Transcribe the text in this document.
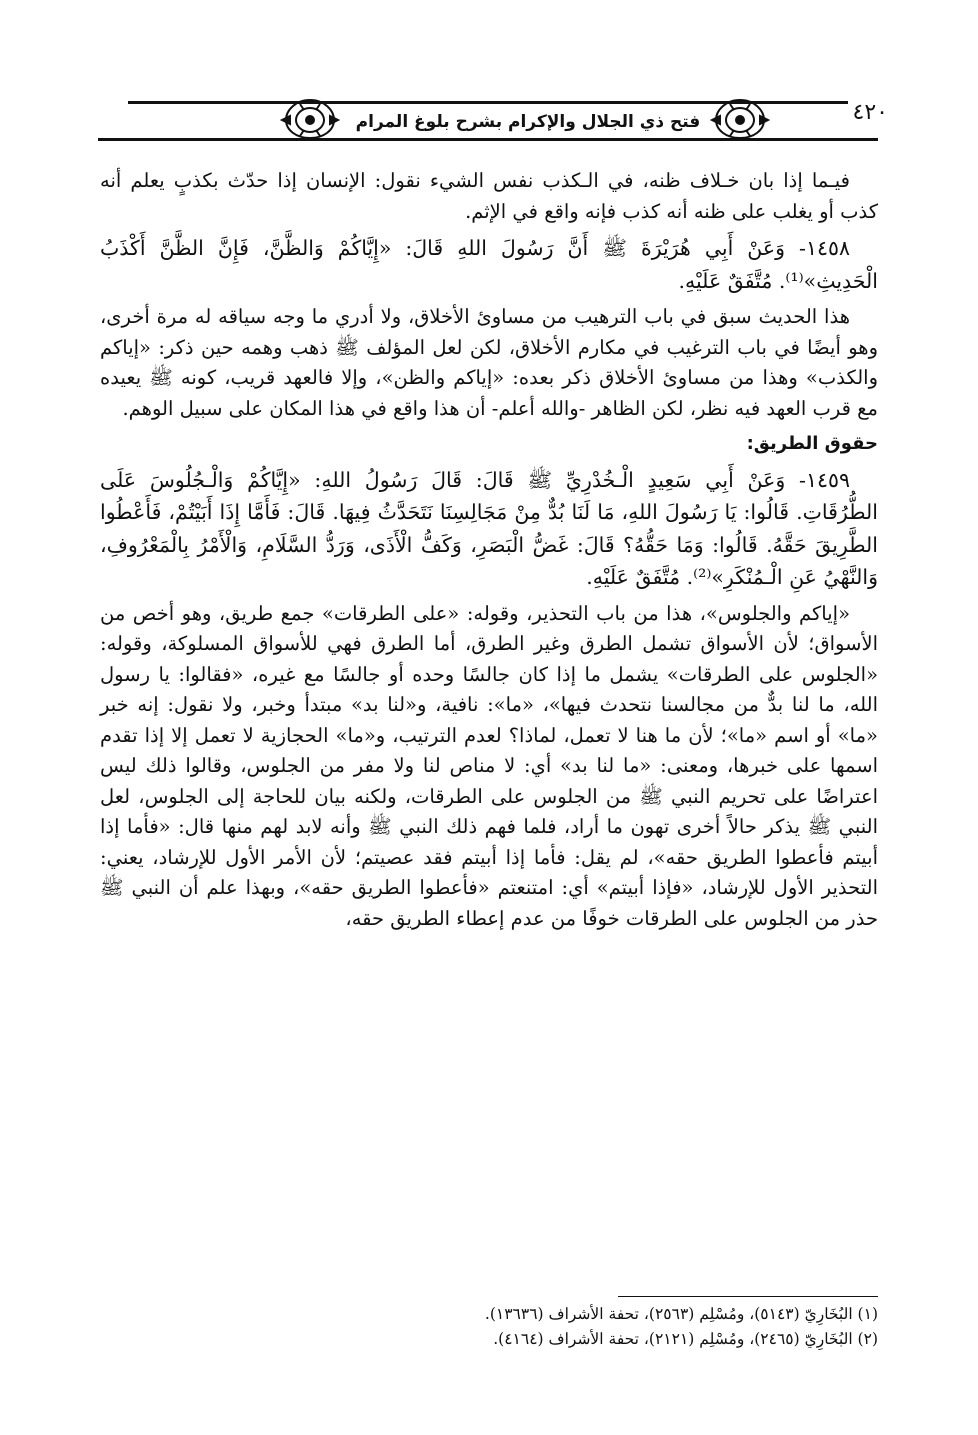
فتح ذي الجلال والإكرام بشرح بلوغ المرام	٤٢٠

فيـما إذا بان خـلاف ظنه، في الـكذب نفس الشيء نقول: الإنسان إذا حدّث بكذبٍ يعلم أنه كذب أو يغلب على ظنه أنه كذب فإنه واقع في الإثم.

١٤٥٨- وَعَنْ أَبِي هُرَيْرَةَ ﷺ أَنَّ رَسُولَ اللهِ قَالَ: «إِيَّاكُمْ وَالظَّنَّ، فَإِنَّ الظَّنَّ أَكْذَبُ الْحَدِيثِ»⁽¹⁾. مُتَّفَقٌ عَلَيْهِ.

هذا الحديث سبق في باب الترهيب من مساوئ الأخلاق، ولا أدري ما وجه سياقه له مرة أخرى، وهو أيضًا في باب الترغيب في مكارم الأخلاق، لكن لعل المؤلف ﷺ ذهب وهمه حين ذكر: «إياكم والكذب» وهذا من مساوئ الأخلاق ذكر بعده: «إياكم والظن»، وإلا فالعهد قريب، كونه ﷺ يعيده مع قرب العهد فيه نظر، لكن الظاهر -والله أعلم- أن هذا واقع في هذا المكان على سبيل الوهم.

حقوق الطريق:

١٤٥٩- وَعَنْ أَبِي سَعِيدٍ الْـخُدْرِيِّ ﷺ قَالَ: قَالَ رَسُولُ اللهِ: «إِيَّاكُمْ وَالْـجُلُوسَ عَلَى الطُّرُقَاتِ. قَالُوا: يَا رَسُولَ اللهِ، مَا لَنَا بُدٌّ مِنْ مَجَالِسِنَا نَتَحَدَّثُ فِيهَا. قَالَ: فَأَمَّا إِذَا أَبَيْتُمْ، فَأَعْطُوا الطَّرِيقَ حَقَّهُ. قَالُوا: وَمَا حَقُّهُ؟ قَالَ: غَضُّ الْبَصَرِ، وَكَفُّ الْأَذَى، وَرَدُّ السَّلَامِ، وَالْأَمْرُ بِالْمَعْرُوفِ، وَالنَّهْيُ عَنِ الْـمُنْكَرِ»⁽²⁾. مُتَّفَقٌ عَلَيْهِ.

«إياكم والجلوس»، هذا من باب التحذير، وقوله: «على الطرقات» جمع طريق، وهو أخص من الأسواق؛ لأن الأسواق تشمل الطرق وغير الطرق، أما الطرق فهي للأسواق المسلوكة، وقوله: «الجلوس على الطرقات» يشمل ما إذا كان جالسًا وحده أو جالسًا مع غيره، «فقالوا: يا رسول الله، ما لنا بدٌّ من مجالسنا نتحدث فيها»، «ما»: نافية، و«لنا بد» مبتدأ وخبر، ولا نقول: إنه خبر «ما» أو اسم «ما»؛ لأن ما هنا لا تعمل، لماذا؟ لعدم الترتيب، و«ما» الحجازية لا تعمل إلا إذا تقدم اسمها على خبرها، ومعنى: «ما لنا بد» أي: لا مناص لنا ولا مفر من الجلوس، وقالوا ذلك ليس اعتراضًا على تحريم النبي ﷺ من الجلوس على الطرقات، ولكنه بيان للحاجة إلى الجلوس، لعل النبي ﷺ يذكر حالاً أخرى تهون ما أراد، فلما فهم ذلك النبي ﷺ وأنه لابد لهم منها قال: «فأما إذا أبيتم فأعطوا الطريق حقه»، لم يقل: فأما إذا أبيتم فقد عصيتم؛ لأن الأمر الأول للإرشاد، يعني: التحذير الأول للإرشاد، «فإذا أبيتم» أي: امتنعتم «فأعطوا الطريق حقه»، وبهذا علم أن النبي ﷺ حذر من الجلوس على الطرقات خوفًا من عدم إعطاء الطريق حقه،

(١) البُخَارِيّ (٥١٤٣)، ومُسْلِم (٢٥٦٣)، تحفة الأشراف (١٣٦٣٦).
(٢) البُخَارِيّ (٢٤٦٥)، ومُسْلِم (٢١٢١)، تحفة الأشراف (٤١٦٤).
